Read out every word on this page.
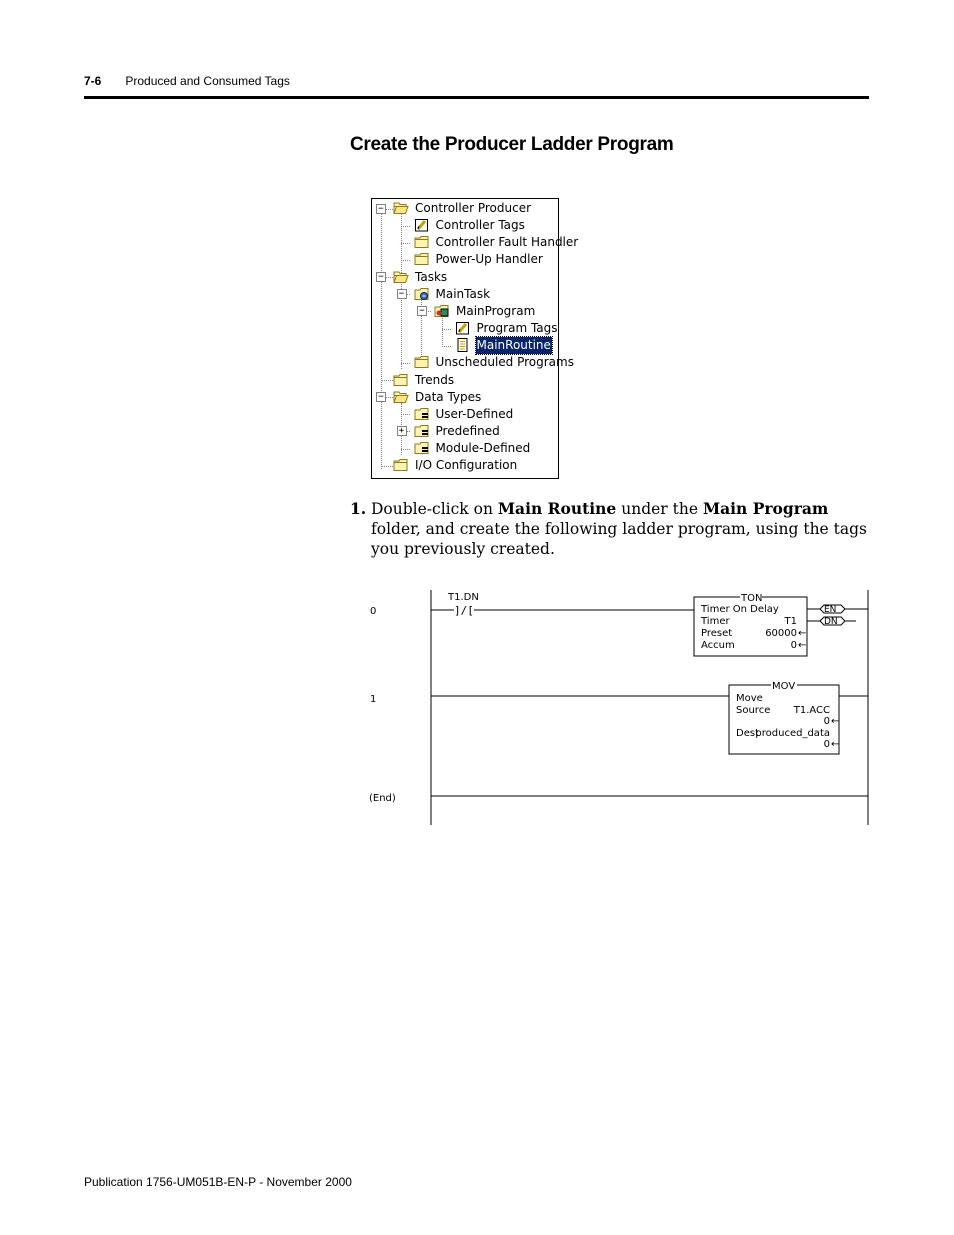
7-6 Produced and Consumed Tags
Create the Producer Ladder Program
Controller Producer
−
Controller Tags
Controller Fault Handler
Power-Up Handler
Tasks
−
MainTask
−
MainProgram
−
Program Tags
MainRoutine
Unscheduled Programs
Trends
Data Types
−
User-Defined
Predefined
+
Module-Defined
I/O Configuration
1. Double-click on Main Routine under the Main Program folder, and create the following ladder program, using the tags you previously created.
0
1
(End)
T1.DN
]/[
TON
Timer On Delay
Timer	T1
Preset	60000 ←
Accum	0 ←
EN
DN
MOV
Move
Source T1.ACC
0 ←
Dest
produced_data
0 ←
Publication 1756-UM051B-EN-P - November 2000
